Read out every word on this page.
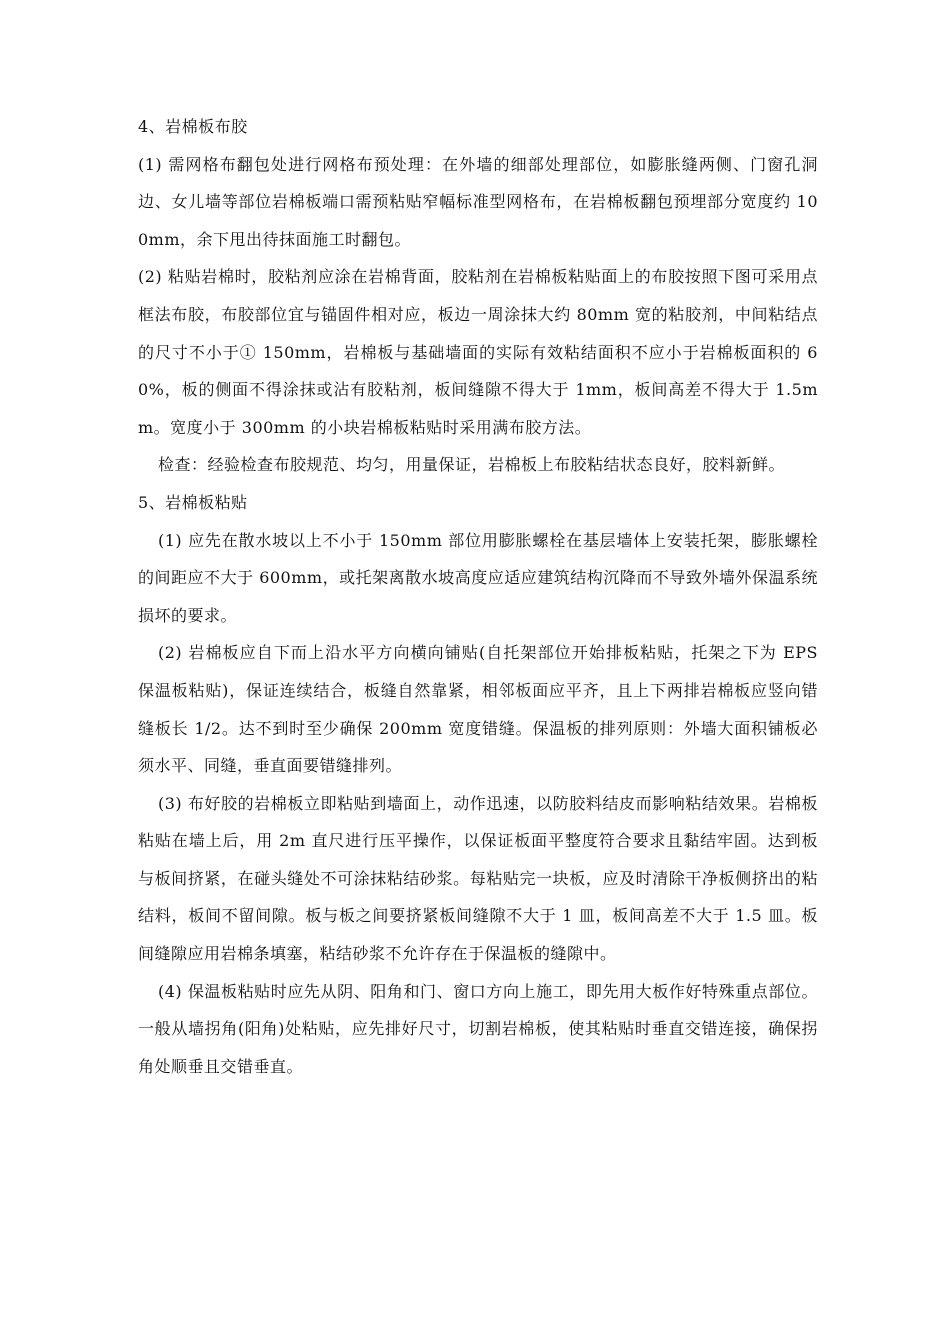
4、岩棉板布胶

(1) 需网格布翻包处进行网格布预处理：在外墙的细部处理部位，如膨胀缝两侧、门窗孔洞边、女儿墙等部位岩棉板端口需预粘贴窄幅标准型网格布，在岩棉板翻包预埋部分宽度约 100mm，余下甩出待抹面施工时翻包。

(2) 粘贴岩棉时，胶粘剂应涂在岩棉背面，胶粘剂在岩棉板粘贴面上的布胶按照下图可采用点框法布胶，布胶部位宜与锚固件相对应，板边一周涂抹大约 80mm 宽的粘胶剂，中间粘结点的尺寸不小于① 150mm，岩棉板与基础墙面的实际有效粘结面积不应小于岩棉板面积的 60%，板的侧面不得涂抹或沾有胶粘剂，板间缝隙不得大于 1mm，板间高差不得大于 1.5mm。宽度小于 300mm 的小块岩棉板粘贴时采用满布胶方法。

检查：经验检查布胶规范、均匀，用量保证，岩棉板上布胶粘结状态良好，胶料新鲜。

5、岩棉板粘贴

(1) 应先在散水坡以上不小于 150mm 部位用膨胀螺栓在基层墙体上安装托架，膨胀螺栓的间距应不大于 600mm，或托架离散水坡高度应适应建筑结构沉降而不导致外墙外保温系统损坏的要求。

(2) 岩棉板应自下而上沿水平方向横向铺贴(自托架部位开始排板粘贴，托架之下为 EPS 保温板粘贴)，保证连续结合，板缝自然靠紧，相邻板面应平齐，且上下两排岩棉板应竖向错缝板长 1/2。达不到时至少确保 200mm 宽度错缝。保温板的排列原则：外墙大面积铺板必须水平、同缝，垂直面要错缝排列。

(3) 布好胶的岩棉板立即粘贴到墙面上，动作迅速，以防胶料结皮而影响粘结效果。岩棉板粘贴在墙上后，用 2m 直尺进行压平操作，以保证板面平整度符合要求且黏结牢固。达到板与板间挤紧，在碰头缝处不可涂抹粘结砂浆。每粘贴完一块板，应及时清除干净板侧挤出的粘结料，板间不留间隙。板与板之间要挤紧板间缝隙不大于 1 皿，板间高差不大于 1.5 皿。板间缝隙应用岩棉条填塞，粘结砂浆不允许存在于保温板的缝隙中。

(4) 保温板粘贴时应先从阴、阳角和门、窗口方向上施工，即先用大板作好特殊重点部位。一般从墙拐角(阳角)处粘贴，应先排好尺寸，切割岩棉板，使其粘贴时垂直交错连接，确保拐角处顺垂且交错垂直。
